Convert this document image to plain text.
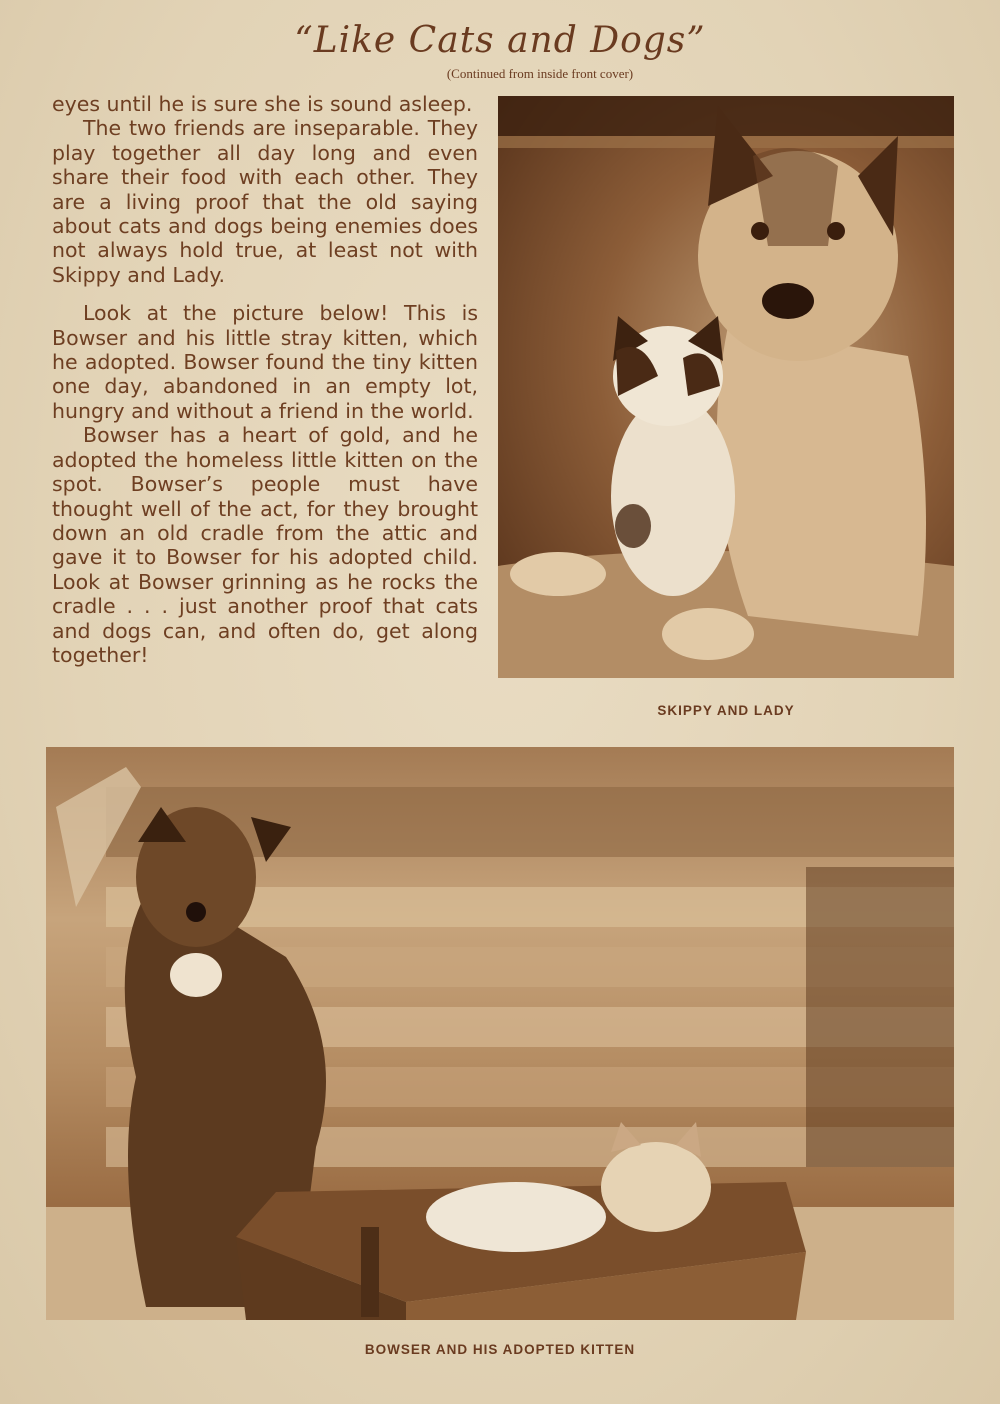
“Like Cats and Dogs”
(Continued from inside front cover)

eyes until he is sure she is sound asleep.

The two friends are inseparable. They play together all day long and even share their food with each other. They are a living proof that the old saying about cats and dogs being enemies does not always hold true, at least not with Skippy and Lady.

Look at the picture below! This is Bowser and his little stray kitten, which he adopted. Bowser found the tiny kitten one day, abandoned in an empty lot, hungry and without a friend in the world.

Bowser has a heart of gold, and he adopted the homeless little kitten on the spot. Bowser’s people must have thought well of the act, for they brought down an old cradle from the attic and gave it to Bowser for his adopted child. Look at Bowser grinning as he rocks the cradle . . . just another proof that cats and dogs can, and often do, get along together!

SKIPPY AND LADY
BOWSER AND HIS ADOPTED KITTEN
